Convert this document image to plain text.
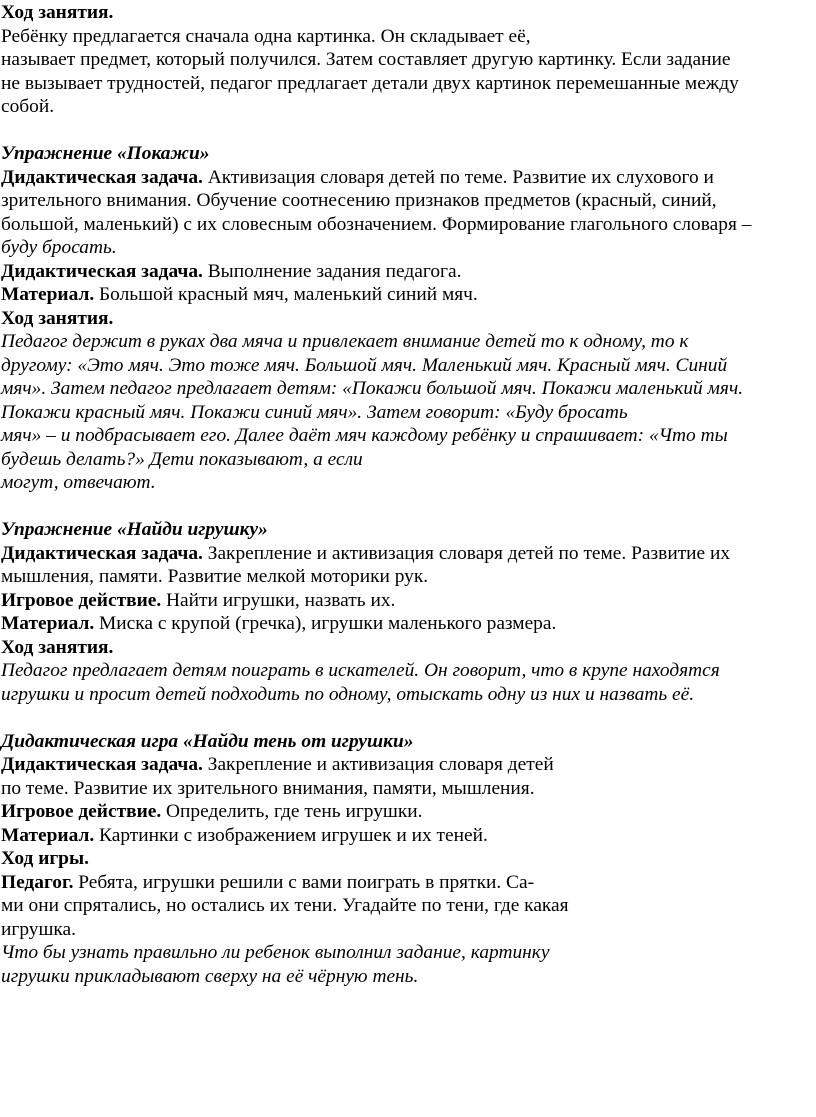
Ход занятия.
Ребёнку предлагается сначала одна картинка. Он складывает её,
называет предмет, который получился. Затем составляет другую картинку. Если задание
не вызывает трудностей, педагог предлагает детали двух картинок перемешанные между
собой.
Упражнение «Покажи»
Дидактическая задача. Активизация словаря детей по теме. Развитие их слухового и
зрительного внимания. Обучение соотнесению признаков предметов (красный, синий,
большой, маленький) с их словесным обозначением. Формирование глагольного словаря –
буду бросать.
Дидактическая задача. Выполнение задания педагога.
Материал. Большой красный мяч, маленький синий мяч.
Ход занятия.
Педагог держит в руках два мяча и привлекает внимание детей то к одному, то к
другому: «Это мяч. Это тоже мяч. Большой мяч. Маленький мяч. Красный мяч. Синий
мяч». Затем педагог предлагает детям: «Покажи большой мяч. Покажи маленький мяч.
Покажи красный мяч. Покажи синий мяч». Затем говорит: «Буду бросать
мяч» – и подбрасывает его. Далее даёт мяч каждому ребёнку и спрашивает: «Что ты
будешь делать?» Дети показывают, а если
могут, отвечают.
Упражнение «Найди игрушку»
Дидактическая задача. Закрепление и активизация словаря детей по теме. Развитие их
мышления, памяти. Развитие мелкой моторики рук.
Игровое действие. Найти игрушки, назвать их.
Материал. Миска с крупой (гречка), игрушки маленького размера.
Ход занятия.
Педагог предлагает детям поиграть в искателей. Он говорит, что в крупе находятся
игрушки и просит детей подходить по одному, отыскать одну из них и назвать её.
Дидактическая игра «Найди тень от игрушки»
Дидактическая задача. Закрепление и активизация словаря детей
по теме. Развитие их зрительного внимания, памяти, мышления.
Игровое действие. Определить, где тень игрушки.
Материал. Картинки с изображением игрушек и их теней.
Ход игры.
Педагог. Ребята, игрушки решили с вами поиграть в прятки. Са-
ми они спрятались, но остались их тени. Угадайте по тени, где какая
игрушка.
Что бы узнать правильно ли ребенок выполнил задание, картинку
игрушки прикладывают сверху на её чёрную тень.
